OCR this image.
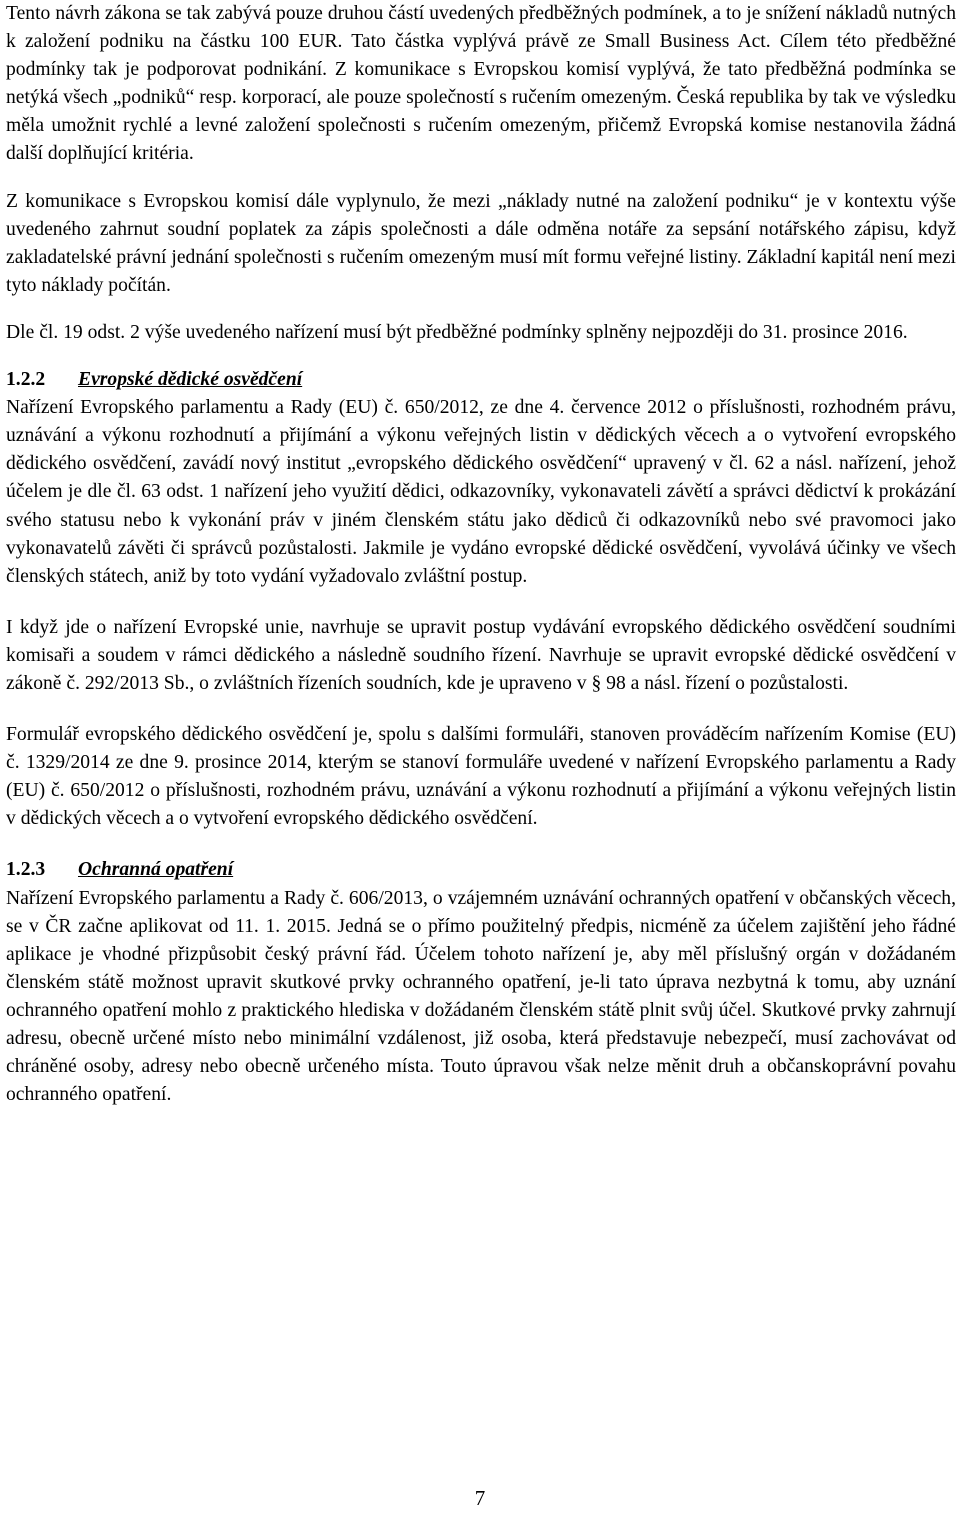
Tento návrh zákona se tak zabývá pouze druhou částí uvedených předběžných podmínek, a to je snížení nákladů nutných k založení podniku na částku 100 EUR. Tato částka vyplývá právě ze Small Business Act. Cílem této předběžné podmínky tak je podporovat podnikání. Z komunikace s Evropskou komisí vyplývá, že tato předběžná podmínka se netýká všech „podniků“ resp. korporací, ale pouze společností s ručením omezeným. Česká republika by tak ve výsledku měla umožnit rychlé a levné založení společnosti s ručením omezeným, přičemž Evropská komise nestanovila žádná další doplňující kritéria.

Z komunikace s Evropskou komisí dále vyplynulo, že mezi „náklady nutné na založení podniku“ je v kontextu výše uvedeného zahrnut soudní poplatek za zápis společnosti a dále odměna notáře za sepsání notářského zápisu, když zakladatelské právní jednání společnosti s ručením omezeným musí mít formu veřejné listiny. Základní kapitál není mezi tyto náklady počítán.

Dle čl. 19 odst. 2 výše uvedeného nařízení musí být předběžné podmínky splněny nejpozději do 31. prosince 2016.

1.2.2 Evropské dědické osvědčení

Nařízení Evropského parlamentu a Rady (EU) č. 650/2012, ze dne 4. července 2012 o příslušnosti, rozhodném právu, uznávání a výkonu rozhodnutí a přijímání a výkonu veřejných listin v dědických věcech a o vytvoření evropského dědického osvědčení, zavádí nový institut „evropského dědického osvědčení“ upravený v čl. 62 a násl. nařízení, jehož účelem je dle čl. 63 odst. 1 nařízení jeho využití dědici, odkazovníky, vykonavateli závětí a správci dědictví k prokázání svého statusu nebo k vykonání práv v jiném členském státu jako dědiců či odkazovníků nebo své pravomoci jako vykonavatelů závěti či správců pozůstalosti. Jakmile je vydáno evropské dědické osvědčení, vyvolává účinky ve všech členských státech, aniž by toto vydání vyžadovalo zvláštní postup.

I když jde o nařízení Evropské unie, navrhuje se upravit postup vydávání evropského dědického osvědčení soudními komisaři a soudem v rámci dědického a následně soudního řízení. Navrhuje se upravit evropské dědické osvědčení v zákoně č. 292/2013 Sb., o zvláštních řízeních soudních, kde je upraveno v § 98 a násl. řízení o pozůstalosti.

Formulář evropského dědického osvědčení je, spolu s dalšími formuláři, stanoven prováděcím nařízením Komise (EU) č. 1329/2014 ze dne 9. prosince 2014, kterým se stanoví formuláře uvedené v nařízení Evropského parlamentu a Rady (EU) č. 650/2012 o příslušnosti, rozhodném právu, uznávání a výkonu rozhodnutí a přijímání a výkonu veřejných listin v dědických věcech a o vytvoření evropského dědického osvědčení.

1.2.3 Ochranná opatření

Nařízení Evropského parlamentu a Rady č. 606/2013, o vzájemném uznávání ochranných opatření v občanských věcech, se v ČR začne aplikovat od 11. 1. 2015. Jedná se o přímo použitelný předpis, nicméně za účelem zajištění jeho řádné aplikace je vhodné přizpůsobit český právní řád. Účelem tohoto nařízení je, aby měl příslušný orgán v dožádaném členském státě možnost upravit skutkové prvky ochranného opatření, je-li tato úprava nezbytná k tomu, aby uznání ochranného opatření mohlo z praktického hlediska v dožádaném členském státě plnit svůj účel. Skutkové prvky zahrnují adresu, obecně určené místo nebo minimální vzdálenost, již osoba, která představuje nebezpečí, musí zachovávat od chráněné osoby, adresy nebo obecně určeného místa. Touto úpravou však nelze měnit druh a občanskoprávní povahu ochranného opatření.

7
